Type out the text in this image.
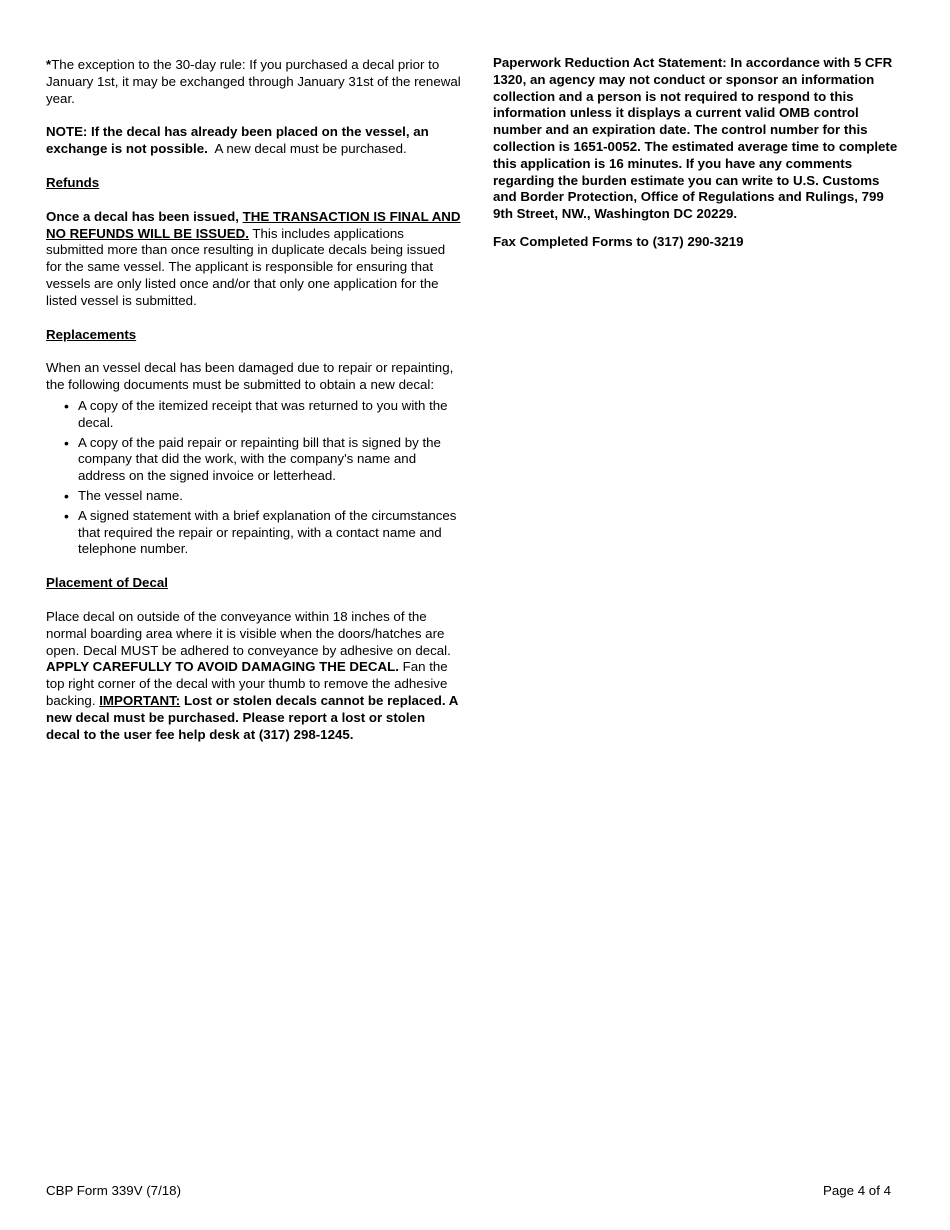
*The exception to the 30-day rule: If you purchased a decal prior to January 1st, it may be exchanged through January 31st of the renewal year.

NOTE: If the decal has already been placed on the vessel, an exchange is not possible. A new decal must be purchased.

Refunds

Once a decal has been issued, THE TRANSACTION IS FINAL AND NO REFUNDS WILL BE ISSUED. This includes applications submitted more than once resulting in duplicate decals being issued for the same vessel. The applicant is responsible for ensuring that vessels are only listed once and/or that only one application for the listed vessel is submitted.

Replacements

When an vessel decal has been damaged due to repair or repainting, the following documents must be submitted to obtain a new decal:

• A copy of the itemized receipt that was returned to you with the decal.
• A copy of the paid repair or repainting bill that is signed by the company that did the work, with the company's name and address on the signed invoice or letterhead.
• The vessel name.
• A signed statement with a brief explanation of the circumstances that required the repair or repainting, with a contact name and telephone number.

Placement of Decal

Place decal on outside of the conveyance within 18 inches of the normal boarding area where it is visible when the doors/hatches are open. Decal MUST be adhered to conveyance by adhesive on decal. APPLY CAREFULLY TO AVOID DAMAGING THE DECAL. Fan the top right corner of the decal with your thumb to remove the adhesive backing. IMPORTANT: Lost or stolen decals cannot be replaced. A new decal must be purchased. Please report a lost or stolen decal to the user fee help desk at (317) 298-1245.

Paperwork Reduction Act Statement: In accordance with 5 CFR 1320, an agency may not conduct or sponsor an information collection and a person is not required to respond to this information unless it displays a current valid OMB control number and an expiration date. The control number for this collection is 1651-0052. The estimated average time to complete this application is 16 minutes. If you have any comments regarding the burden estimate you can write to U.S. Customs and Border Protection, Office of Regulations and Rulings, 799 9th Street, NW., Washington DC 20229.

Fax Completed Forms to (317) 290-3219

CBP Form 339V (7/18)	Page 4 of 4
